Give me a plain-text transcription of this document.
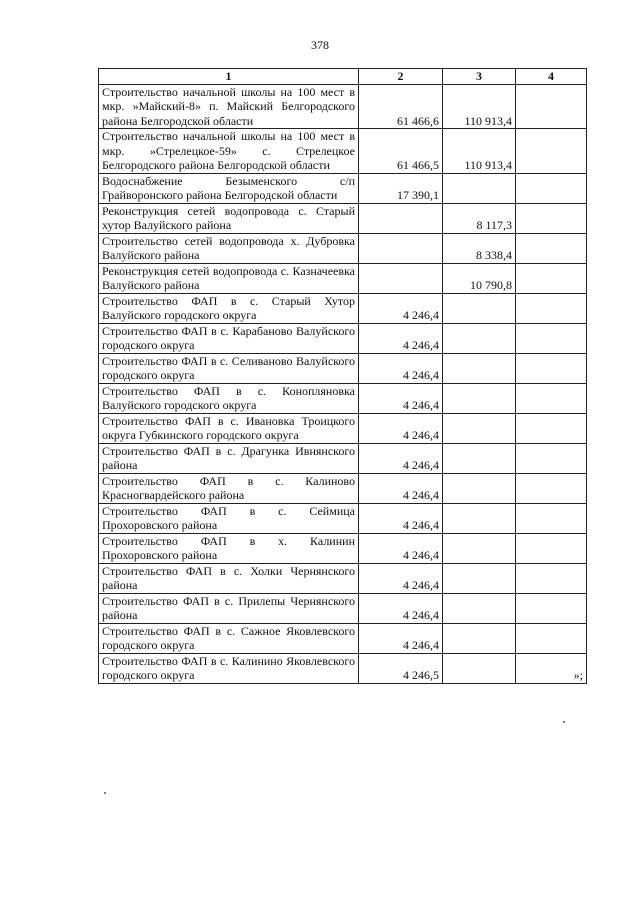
378
1	2	3	4
Строительство начальной школы на 100 мест в мкр. »Майский-8» п. Майский Белгородского района Белгородской области	61 466,6	110 913,4	
Строительство начальной школы на 100 мест в мкр. »Стрелецкое-59» с. Стрелецкое Белгородского района Белгородской области	61 466,5	110 913,4	
Водоснабжение Безыменского с/п Грайворонского района Белгородской области	17 390,1		
Реконструкция сетей водопровода с. Старый хутор Валуйского района		8 117,3	
Строительство сетей водопровода х. Дубровка Валуйского района		8 338,4	
Реконструкция сетей водопровода с. Казначеевка Валуйского района		10 790,8	
Строительство ФАП в с. Старый Хутор Валуйского городского округа	4 246,4		
Строительство ФАП в с. Карабаново Валуйского городского округа	4 246,4		
Строительство ФАП в с. Селиваново Валуйского городского округа	4 246,4		
Строительство ФАП в с. Коноплянoвка Валуйского городского округа	4 246,4		
Строительство ФАП в с. Ивановка Троицкого округа Губкинского городского округа	4 246,4		
Строительство ФАП в с. Драгунка Ивнянского района	4 246,4		
Строительство ФАП в с. Калиново Красногвардейского района	4 246,4		
Строительство ФАП в с. Сеймица Прохоровского района	4 246,4		
Строительство ФАП в х. Калинин Прохоровского района	4 246,4		
Строительство ФАП в с. Холки Чернянского района	4 246,4		
Строительство ФАП в с. Прилепы Чернянского района	4 246,4		
Строительство ФАП в с. Сажное Яковлевского городского округа	4 246,4		
Строительство ФАП в с. Калинино Яковлевского городского округа	4 246,5		»;
